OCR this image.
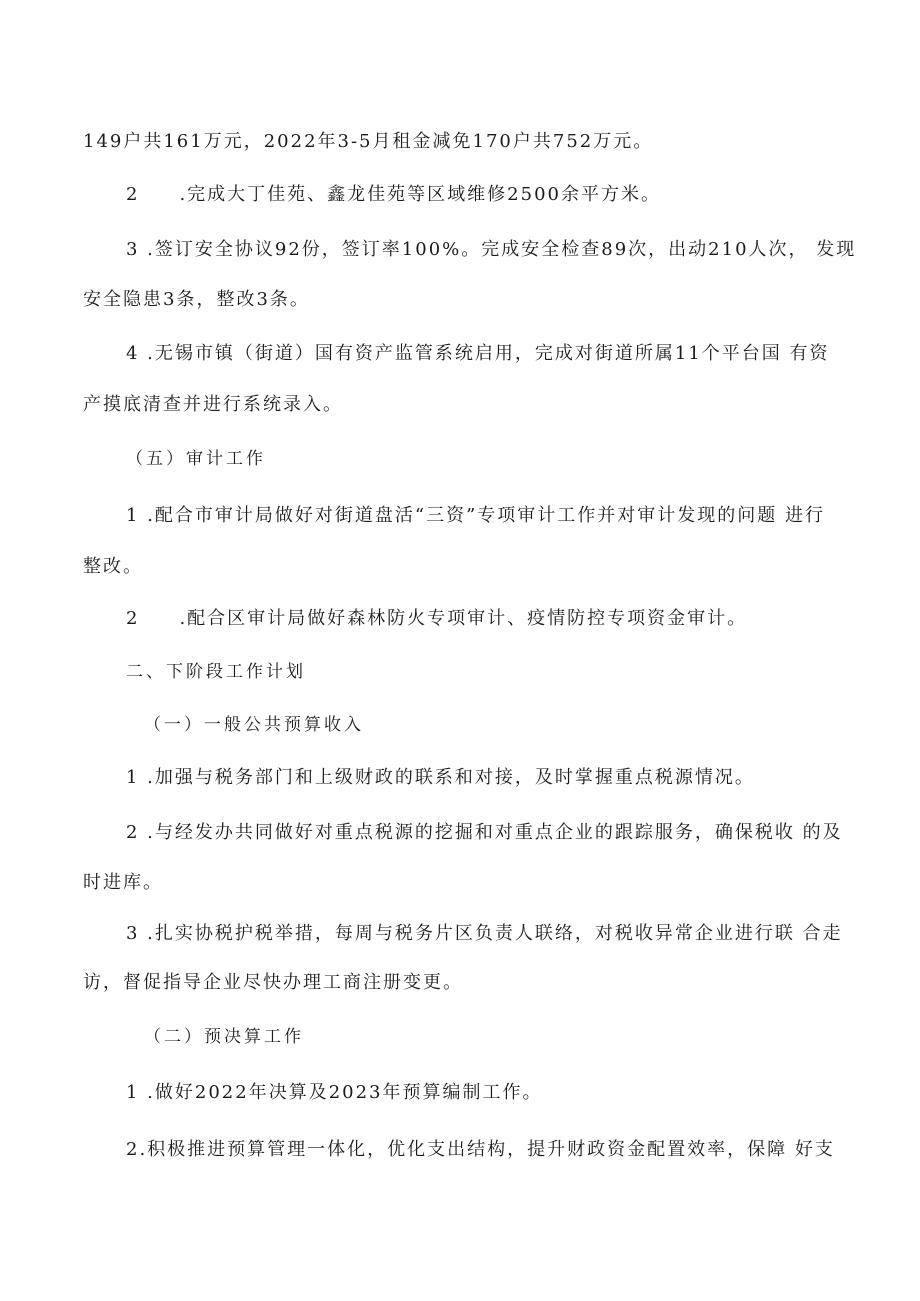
149户共161万元，2022年3-5月租金减免170户共752万元。
2　　.完成大丁佳苑、鑫龙佳苑等区域维修2500余平方米。
3 .签订安全协议92份，签订率100%。完成安全检查89次，出动210人次， 发现
安全隐患3条，整改3条。
4 .无锡市镇（街道）国有资产监管系统启用，完成对街道所属11个平台国 有资
产摸底清查并进行系统录入。
（五）审计工作
1 .配合市审计局做好对街道盘活“三资”专项审计工作并对审计发现的问题 进行
整改。
2　　.配合区审计局做好森林防火专项审计、疫情防控专项资金审计。
二、下阶段工作计划
（一）一般公共预算收入
1 .加强与税务部门和上级财政的联系和对接，及时掌握重点税源情况。
2 .与经发办共同做好对重点税源的挖掘和对重点企业的跟踪服务，确保税收 的及
时进库。
3 .扎实协税护税举措，每周与税务片区负责人联络，对税收异常企业进行联 合走
访，督促指导企业尽快办理工商注册变更。
（二）预决算工作
1 .做好2022年决算及2023年预算编制工作。
2.积极推进预算管理一体化，优化支出结构，提升财政资金配置效率，保障 好支
